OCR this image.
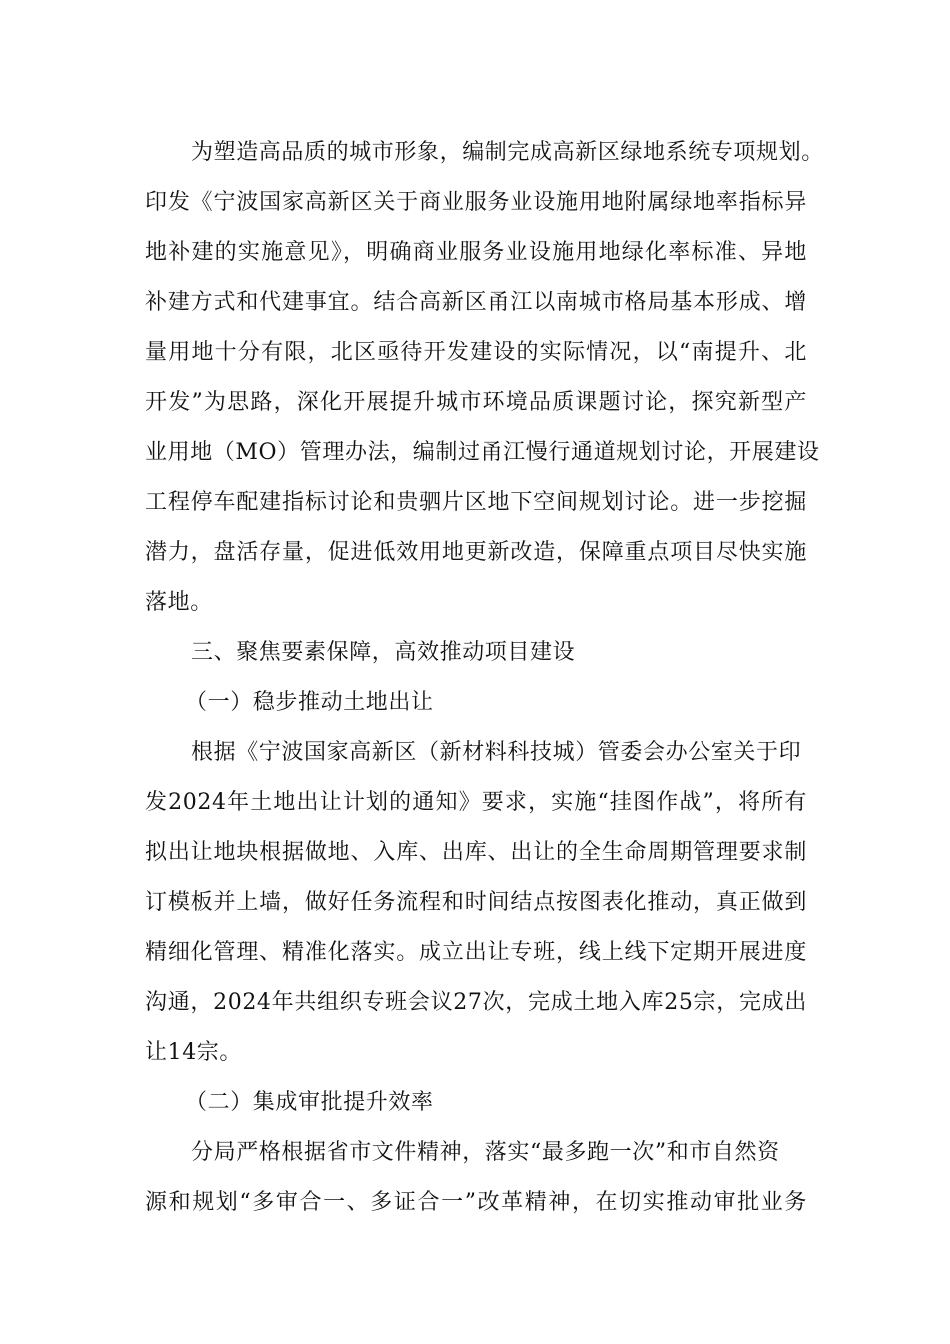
为塑造高品质的城市形象，编制完成高新区绿地系统专项规划。
印发《宁波国家高新区关于商业服务业设施用地附属绿地率指标异
地补建的实施意见》，明确商业服务业设施用地绿化率标准、异地
补建方式和代建事宜。结合高新区甬江以南城市格局基本形成、增
量用地十分有限，北区亟待开发建设的实际情况，以“南提升、北
开发”为思路，深化开展提升城市环境品质课题讨论，探究新型产
业用地（MO）管理办法，编制过甬江慢行通道规划讨论，开展建设
工程停车配建指标讨论和贵驷片区地下空间规划讨论。进一步挖掘
潜力，盘活存量，促进低效用地更新改造，保障重点项目尽快实施
落地。
三、聚焦要素保障，高效推动项目建设
（一）稳步推动土地出让
根据《宁波国家高新区（新材料科技城）管委会办公室关于印
发2024年土地出让计划的通知》要求，实施“挂图作战”，将所有
拟出让地块根据做地、入库、出库、出让的全生命周期管理要求制
订模板并上墙，做好任务流程和时间结点按图表化推动，真正做到
精细化管理、精准化落实。成立出让专班，线上线下定期开展进度
沟通，2024年共组织专班会议27次，完成土地入库25宗，完成出
让14宗。
（二）集成审批提升效率
分局严格根据省市文件精神，落实“最多跑一次”和市自然资
源和规划“多审合一、多证合一”改革精神，在切实推动审批业务
